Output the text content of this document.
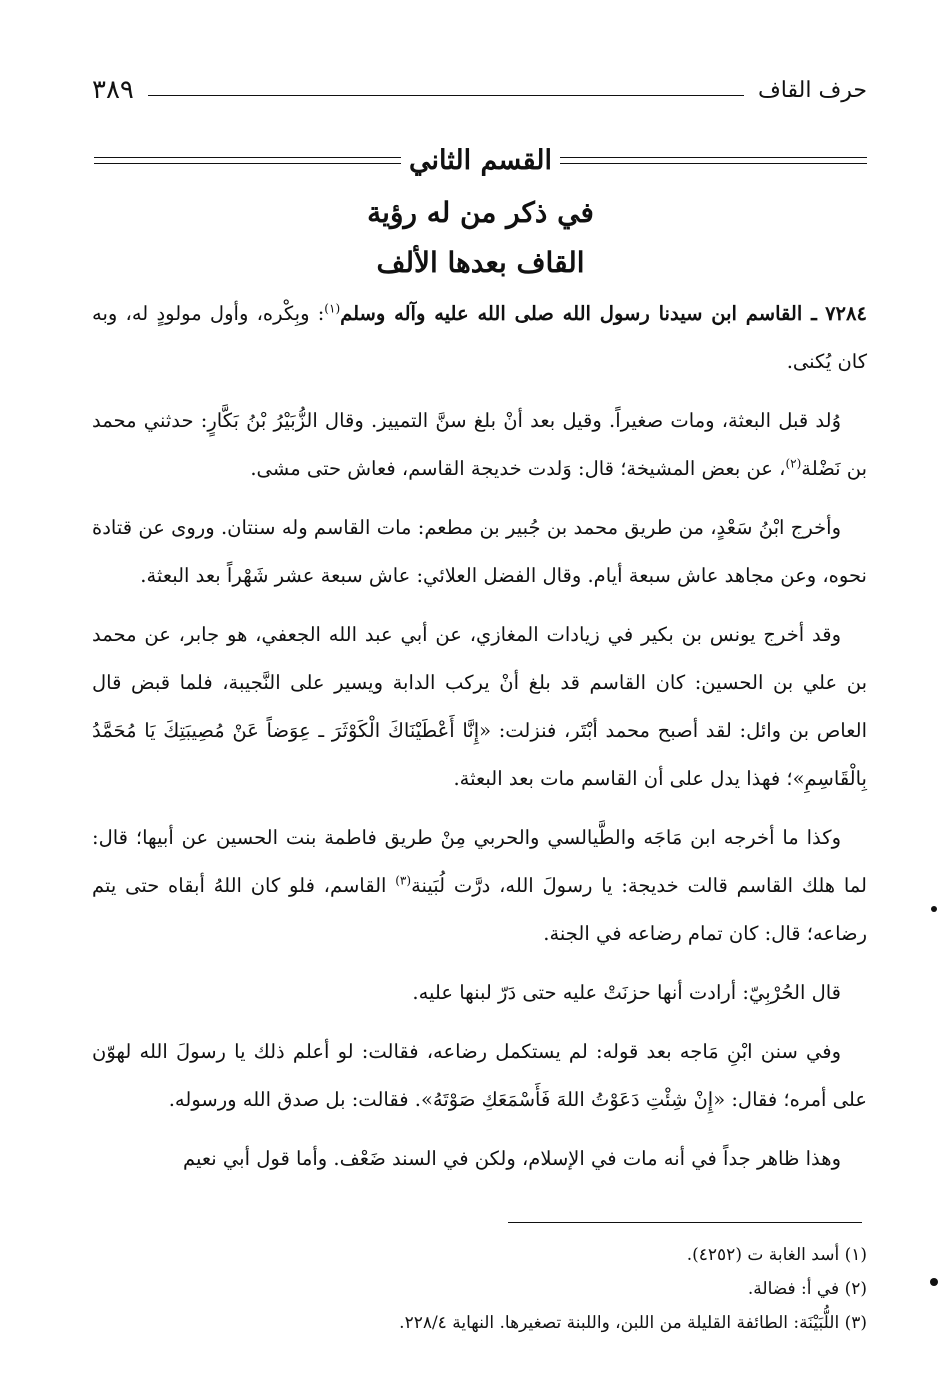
٣٨٩	حرف القاف
القسم الثاني
في ذكر من له رؤية
القاف بعدها الألف

٧٢٨٤ ـ القاسم ابن سيدنا رسول الله صلى الله عليه وآله وسلم$^{(١)}$: وبِكْره، وأول مولودٍ له، وبه كان يُكنى.

وُلد قبل البعثة، ومات صغيراً. وقيل بعد أنْ بلغ سنَّ التمييز. وقال الزُّبَيْرُ بْنُ بَكَّارٍ: حدثني محمد بن نَضْلة$^{(٢)}$، عن بعض المشيخة؛ قال: وَلدت خديجة القاسم، فعاش حتى مشى.

وأخرج ابْنُ سَعْدٍ، من طريق محمد بن جُبير بن مطعم: مات القاسم وله سنتان. وروى عن قتادة نحوه، وعن مجاهد عاش سبعة أيام. وقال الفضل العلائي: عاش سبعة عشر شَهْراً بعد البعثة.

وقد أخرج يونس بن بكير في زيادات المغازي، عن أبي عبد الله الجعفي، هو جابر، عن محمد بن علي بن الحسين: كان القاسم قد بلغ أنْ يركب الدابة ويسير على النَّجيبة، فلما قبض قال العاص بن وائل: لقد أصبح محمد أبْتَر، فنزلت: «إِنَّا أَعْطَيْنَاكَ الْكَوْثَرَ ـ عِوَضاً عَنْ مُصِيبَتِكَ يَا مُحَمَّدُ بِالْقَاسِمِ»؛ فهذا يدل على أن القاسم مات بعد البعثة.

وكذا ما أخرجه ابن مَاجَه والطَّيالسي والحربي مِنْ طريق فاطمة بنت الحسين عن أبيها؛ قال: لما هلك القاسم قالت خديجة: يا رسولَ الله، درَّت لُبَينة$^{(٣)}$ القاسم، فلو كان اللهُ أبقاه حتى يتم رضاعه؛ قال: كان تمام رضاعه في الجنة.

قال الحُرْبِيّ: أرادت أنها حزنَتْ عليه حتى دَرّ لبنها عليه.

وفي سنن ابْنِ مَاجه بعد قوله: لم يستكمل رضاعه، فقالت: لو أعلم ذلك يا رسولَ الله لهوّن على أمره؛ فقال: «إِنْ شِئْتِ دَعَوْتُ اللهَ فَأَسْمَعَكِ صَوْتَهُ». فقالت: بل صدق الله ورسوله.

وهذا ظاهر جداً في أنه مات في الإسلام، ولكن في السند ضَعْف. وأما قول أبي نعيم

(١) أسد الغابة ت (٤٢٥٢).
(٢) في أ: فضالة.
(٣) اللُّبَيْنَة: الطائفة القليلة من اللبن، واللبنة تصغيرها. النهاية ٢٢٨/٤.
